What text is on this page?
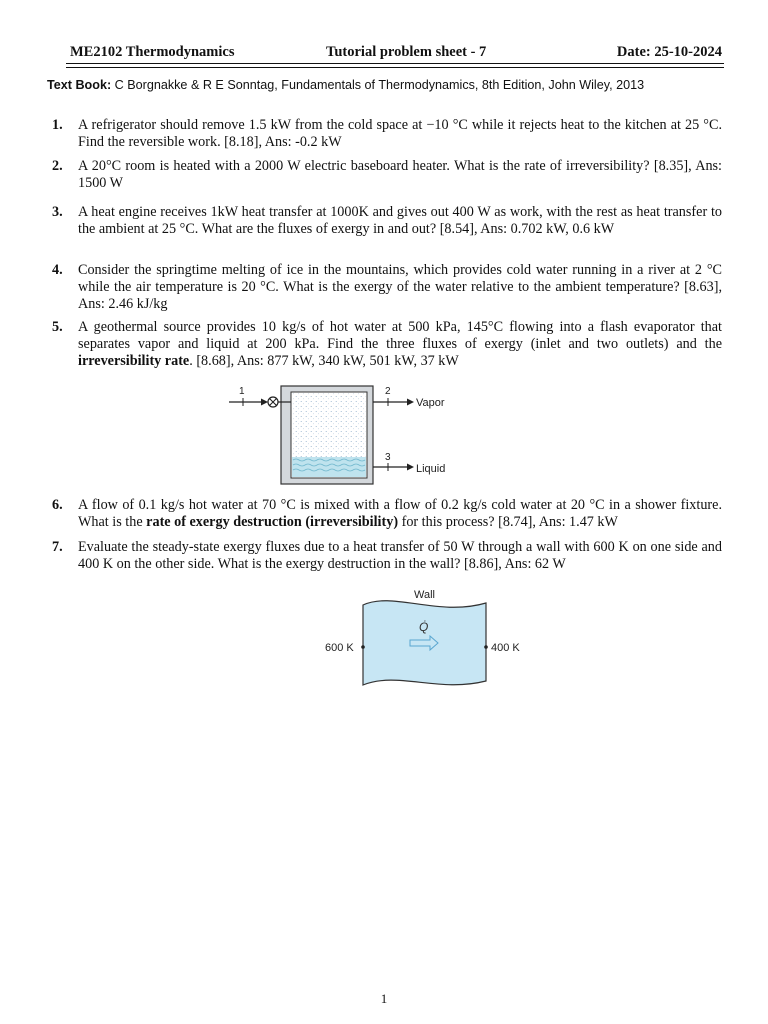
ME2102 Thermodynamics	Tutorial problem sheet - 7	Date: 25-10-2024
Text Book: C Borgnakke & R E Sonntag, Fundamentals of Thermodynamics, 8th Edition, John Wiley, 2013
1.	A refrigerator should remove 1.5 kW from the cold space at −10 °C while it rejects heat to the kitchen at 25 °C. Find the reversible work. [8.18], Ans: -0.2 kW
2.	A 20°C room is heated with a 2000 W electric baseboard heater. What is the rate of irreversibility? [8.35], Ans: 1500 W
3.	A heat engine receives 1kW heat transfer at 1000K and gives out 400 W as work, with the rest as heat transfer to the ambient at 25 °C. What are the fluxes of exergy in and out? [8.54], Ans: 0.702 kW, 0.6 kW
4.	Consider the springtime melting of ice in the mountains, which provides cold water running in a river at 2 °C while the air temperature is 20 °C. What is the exergy of the water relative to the ambient temperature? [8.63], Ans: 2.46 kJ/kg
5.	A geothermal source provides 10 kg/s of hot water at 500 kPa, 145°C flowing into a flash evaporator that separates vapor and liquid at 200 kPa. Find the three fluxes of exergy (inlet and two outlets) and the irreversibility rate. [8.68], Ans: 877 kW, 340 kW, 501 kW, 37 kW
1	2
Vapor
3
Liquid
6.	A flow of 0.1 kg/s hot water at 70 °C is mixed with a flow of 0.2 kg/s cold water at 20 °C in a shower fixture. What is the rate of exergy destruction (irreversibility) for this process? [8.74], Ans: 1.47 kW
7.	Evaluate the steady-state exergy fluxes due to a heat transfer of 50 W through a wall with 600 K on one side and 400 K on the other side. What is the exergy destruction in the wall? [8.86], Ans: 62 W
Wall
Q̇
600 K	400 K
1
